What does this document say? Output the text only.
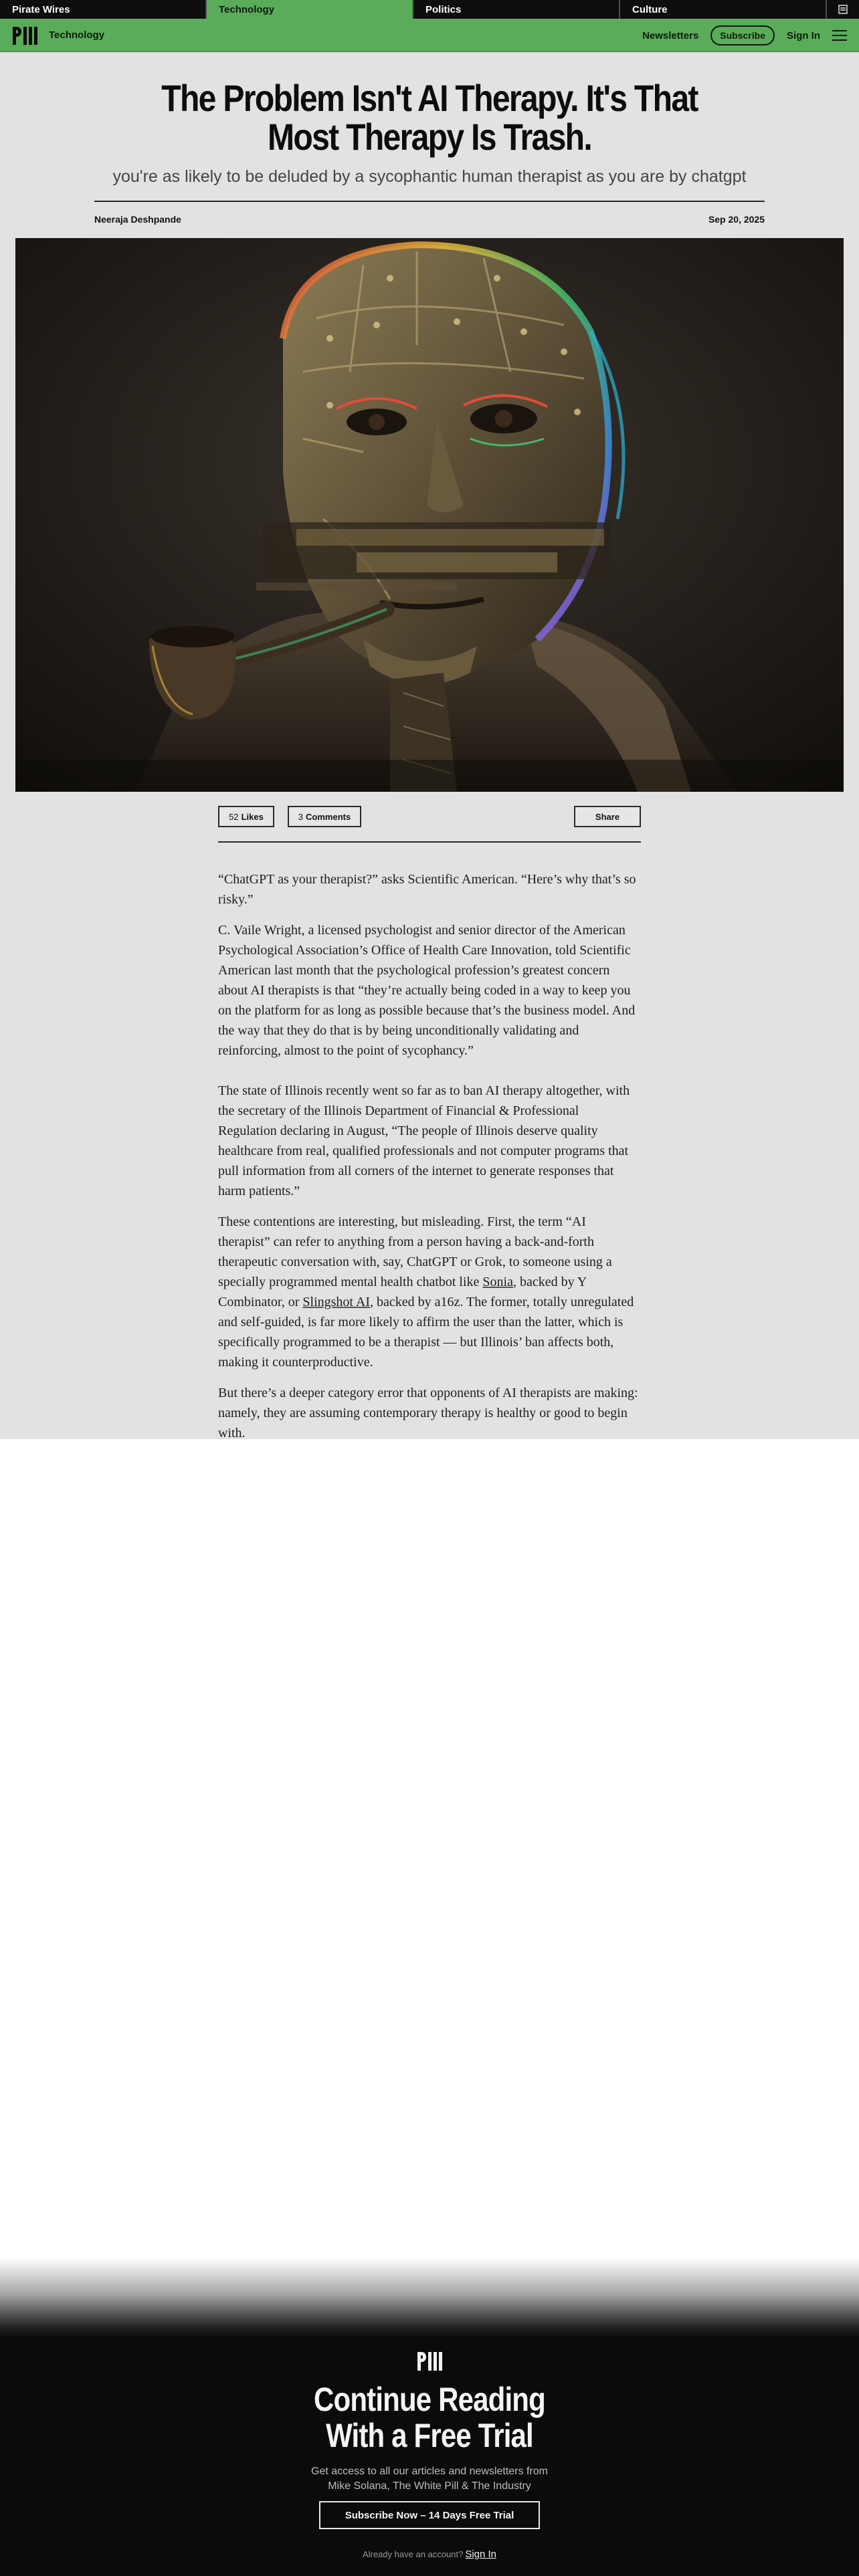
Pirate Wires	Technology	Politics	Culture
Technology	Newsletters	Subscribe	Sign In
The Problem Isn't AI Therapy. It's That Most Therapy Is Trash.
you're as likely to be deluded by a sycophantic human therapist as you are by chatgpt
Neeraja Deshpande	Sep 20, 2025
52 Likes	3 Comments	Share

“ChatGPT as your therapist?” asks Scientific American. “Here’s why that’s so risky.”

C. Vaile Wright, a licensed psychologist and senior director of the American Psychological Association’s Office of Health Care Innovation, told Scientific American last month that the psychological profession’s greatest concern about AI therapists is that “they’re actually being coded in a way to keep you on the platform for as long as possible because that’s the business model. And the way that they do that is by being unconditionally validating and reinforcing, almost to the point of sycophancy.”

The state of Illinois recently went so far as to ban AI therapy altogether, with the secretary of the Illinois Department of Financial & Professional Regulation declaring in August, “The people of Illinois deserve quality healthcare from real, qualified professionals and not computer programs that pull information from all corners of the internet to generate responses that harm patients.”

These contentions are interesting, but misleading. First, the term “AI therapist” can refer to anything from a person having a back-and-forth therapeutic conversation with, say, ChatGPT or Grok, to someone using a specially programmed mental health chatbot like Sonia, backed by Y Combinator, or Slingshot AI, backed by a16z. The former, totally unregulated and self-guided, is far more likely to affirm the user than the latter, which is specifically programmed to be a therapist — but Illinois’ ban affects both, making it counterproductive.

But there’s a deeper category error that opponents of AI therapists are making: namely, they are assuming contemporary therapy is healthy or good to begin with.

Continue Reading
With a Free Trial
Get access to all our articles and newsletters from
Mike Solana, The White Pill & The Industry
Subscribe Now – 14 Days Free Trial
Already have an account? Sign In
